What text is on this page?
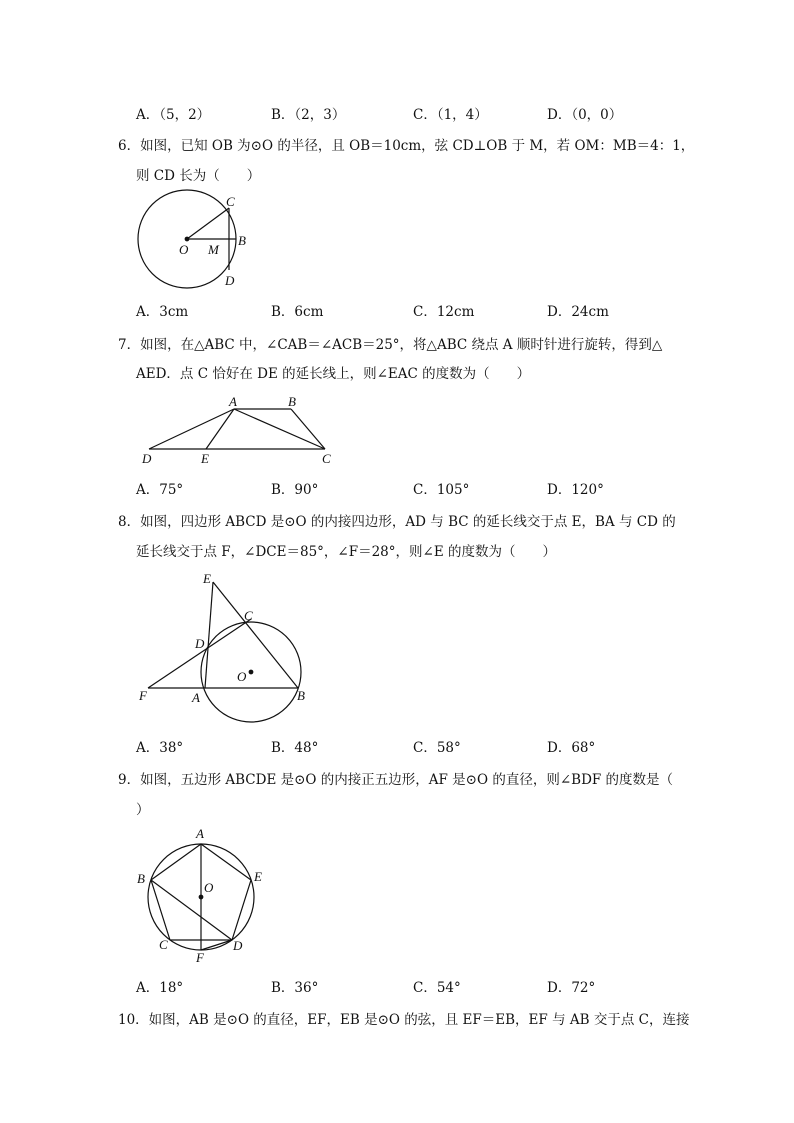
A．（5，2）	B．（2，3）	C．（1，4）	D．（0，0）
6．如图，已知 OB 为⊙O 的半径，且 OB＝10cm，弦 CD⊥OB 于 M，若 OM：MB＝4：1，
则 CD 长为（　　）
O M
B
C
D
A．3cm	B．6cm	C．12cm	D．24cm
7．如图，在△ABC 中，∠CAB＝∠ACB＝25°，将△ABC 绕点 A 顺时针进行旋转，得到△
AED．点 C 恰好在 DE 的延长线上，则∠EAC 的度数为（　　）
A	B
C
D	E
A．75°	B．90°	C．105°	D．120°
8．如图，四边形 ABCD 是⊙O 的内接四边形，AD 与 BC 的延长线交于点 E，BA 与 CD 的
延长线交于点 F，∠DCE＝85°，∠F＝28°，则∠E 的度数为（　　）
E
C
D
O
F	A	B
A．38°	B．48°	C．58°	D．68°
9．如图，五边形 ABCDE 是⊙O 的内接正五边形，AF 是⊙O 的直径，则∠BDF 的度数是（
）
A
B
C	D
E
F
O
A．18°	B．36°	C．54°	D．72°
10．如图，AB 是⊙O 的直径，EF，EB 是⊙O 的弦，且 EF＝EB，EF 与 AB 交于点 C，连接
